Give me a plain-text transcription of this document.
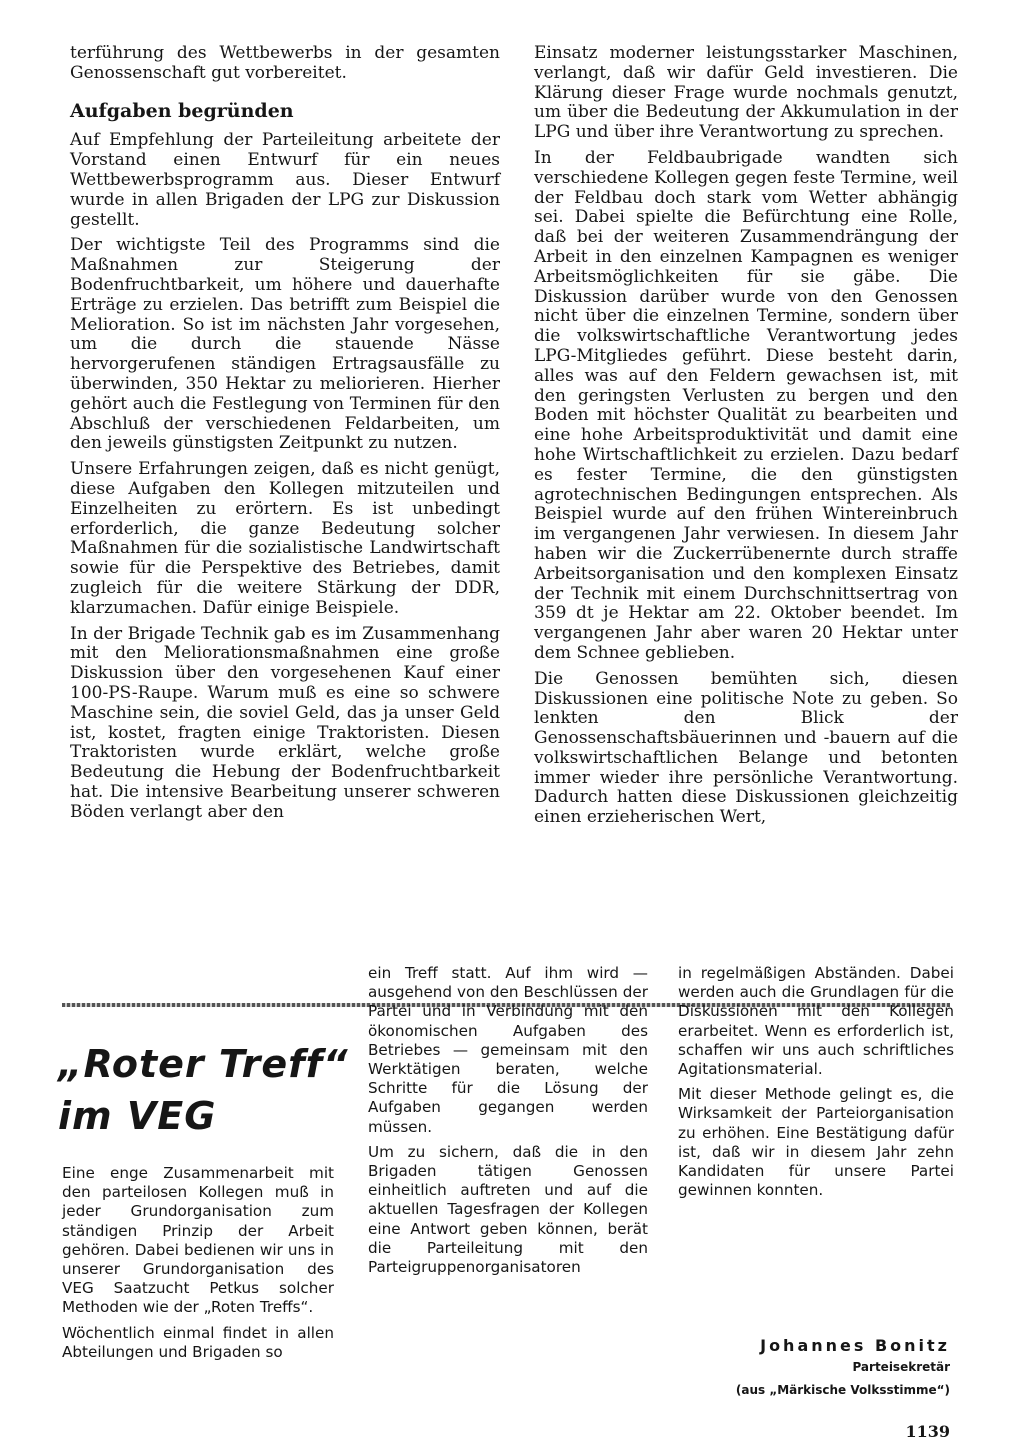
terführung des Wettbewerbs in der gesamten Genossenschaft gut vorbereitet.

Aufgaben begründen

Auf Empfehlung der Parteileitung arbeitete der Vorstand einen Entwurf für ein neues Wettbewerbsprogramm aus. Dieser Entwurf wurde in allen Brigaden der LPG zur Diskussion gestellt.

Der wichtigste Teil des Programms sind die Maßnahmen zur Steigerung der Bodenfruchtbarkeit, um höhere und dauerhafte Erträge zu erzielen. Das betrifft zum Beispiel die Melioration. So ist im nächsten Jahr vorgesehen, um die durch die stauende Nässe hervorgerufenen ständigen Ertragsausfälle zu überwinden, 350 Hektar zu meliorieren. Hierher gehört auch die Festlegung von Terminen für den Abschluß der verschiedenen Feldarbeiten, um den jeweils günstigsten Zeitpunkt zu nutzen.

Unsere Erfahrungen zeigen, daß es nicht genügt, diese Aufgaben den Kollegen mitzuteilen und Einzelheiten zu erörtern. Es ist unbedingt erforderlich, die ganze Bedeutung solcher Maßnahmen für die sozialistische Landwirtschaft sowie für die Perspektive des Betriebes, damit zugleich für die weitere Stärkung der DDR, klarzumachen. Dafür einige Beispiele.

In der Brigade Technik gab es im Zusammenhang mit den Meliorationsmaßnahmen eine große Diskussion über den vorgesehenen Kauf einer 100-PS-Raupe. Warum muß es eine so schwere Maschine sein, die soviel Geld, das ja unser Geld ist, kostet, fragten einige Traktoristen. Diesen Traktoristen wurde erklärt, welche große Bedeutung die Hebung der Bodenfruchtbarkeit hat. Die intensive Bearbeitung unserer schweren Böden verlangt aber den

Einsatz moderner leistungsstarker Maschinen, verlangt, daß wir dafür Geld investieren. Die Klärung dieser Frage wurde nochmals genutzt, um über die Bedeutung der Akkumulation in der LPG und über ihre Verantwortung zu sprechen.

In der Feldbaubrigade wandten sich verschiedene Kollegen gegen feste Termine, weil der Feldbau doch stark vom Wetter abhängig sei. Dabei spielte die Befürchtung eine Rolle, daß bei der weiteren Zusammendrängung der Arbeit in den einzelnen Kampagnen es weniger Arbeitsmöglichkeiten für sie gäbe. Die Diskussion darüber wurde von den Genossen nicht über die einzelnen Termine, sondern über die volkswirtschaftliche Verantwortung jedes LPG-Mitgliedes geführt. Diese besteht darin, alles was auf den Feldern gewachsen ist, mit den geringsten Verlusten zu bergen und den Boden mit höchster Qualität zu bearbeiten und eine hohe Arbeitsproduktivität und damit eine hohe Wirtschaftlichkeit zu erzielen. Dazu bedarf es fester Termine, die den günstigsten agrotechnischen Bedingungen entsprechen. Als Beispiel wurde auf den frühen Wintereinbruch im vergangenen Jahr verwiesen. In diesem Jahr haben wir die Zuckerrübenernte durch straffe Arbeitsorganisation und den komplexen Einsatz der Technik mit einem Durchschnittsertrag von 359 dt je Hektar am 22. Oktober beendet. Im vergangenen Jahr aber waren 20 Hektar unter dem Schnee geblieben.

Die Genossen bemühten sich, diesen Diskussionen eine politische Note zu geben. So lenkten den Blick der Genossenschaftsbäuerinnen und -bauern auf die volkswirtschaftlichen Belange und betonten immer wieder ihre persönliche Verantwortung. Dadurch hatten diese Diskussionen gleichzeitig einen erzieherischen Wert,

„Roter Treff“
im VEG

Eine enge Zusammenarbeit mit den parteilosen Kollegen muß in jeder Grundorganisation zum ständigen Prinzip der Arbeit gehören. Dabei bedienen wir uns in unserer Grundorganisation des VEG Saatzucht Petkus solcher Methoden wie der „Roten Treffs“.

Wöchentlich einmal findet in allen Abteilungen und Brigaden so

ein Treff statt. Auf ihm wird — ausgehend von den Beschlüssen der Partei und in Verbindung mit den ökonomischen Aufgaben des Betriebes — gemeinsam mit den Werktätigen beraten, welche Schritte für die Lösung der Aufgaben gegangen werden müssen.

Um zu sichern, daß die in den Brigaden tätigen Genossen einheitlich auftreten und auf die aktuellen Tagesfragen der Kollegen eine Antwort geben können, berät die Parteileitung mit den Parteigruppenorganisatoren

in regelmäßigen Abständen. Dabei werden auch die Grundlagen für die Diskussionen mit den Kollegen erarbeitet. Wenn es erforderlich ist, schaffen wir uns auch schriftliches Agitationsmaterial.

Mit dieser Methode gelingt es, die Wirksamkeit der Parteiorganisation zu erhöhen. Eine Bestätigung dafür ist, daß wir in diesem Jahr zehn Kandidaten für unsere Partei gewinnen konnten.

Johannes Bonitz
Parteisekretär
(aus „Märkische Volksstimme“)
1139
